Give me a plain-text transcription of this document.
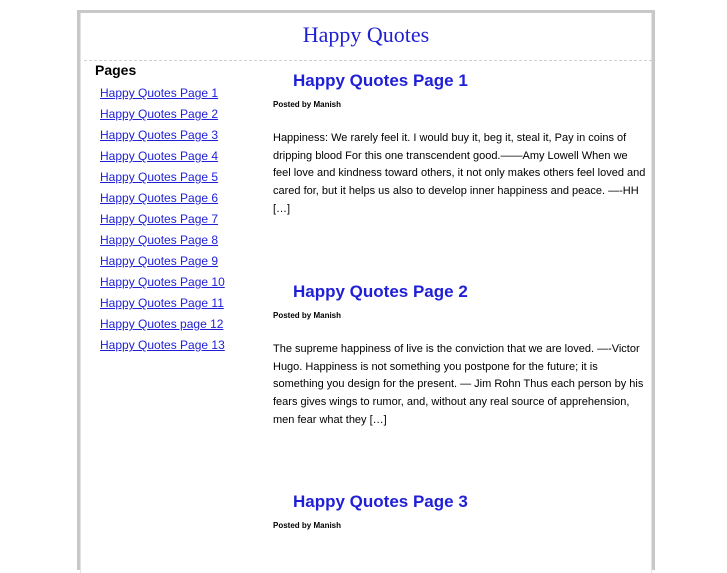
Happy Quotes
Pages
Happy Quotes Page 1
Happy Quotes Page 2
Happy Quotes Page 3
Happy Quotes Page 4
Happy Quotes Page 5
Happy Quotes Page 6
Happy Quotes Page 7
Happy Quotes Page 8
Happy Quotes Page 9
Happy Quotes Page 10
Happy Quotes Page 11
Happy Quotes page 12
Happy Quotes Page 13
Happy Quotes Page 1
Posted by Manish
Happiness: We rarely feel it. I would buy it, beg it, steal it, Pay in coins of dripping blood For this one transcendent good.——Amy Lowell When we feel love and kindness toward others, it not only makes others feel loved and cared for, but it helps us also to develop inner happiness and peace. —-HH […]
Happy Quotes Page 2
Posted by Manish
The supreme happiness of live is the conviction that we are loved. —-Victor Hugo. Happiness is not something you postpone for the future; it is something you design for the present. — Jim Rohn Thus each person by his fears gives wings to rumor, and, without any real source of apprehension, men fear what they […]
Happy Quotes Page 3
Posted by Manish
